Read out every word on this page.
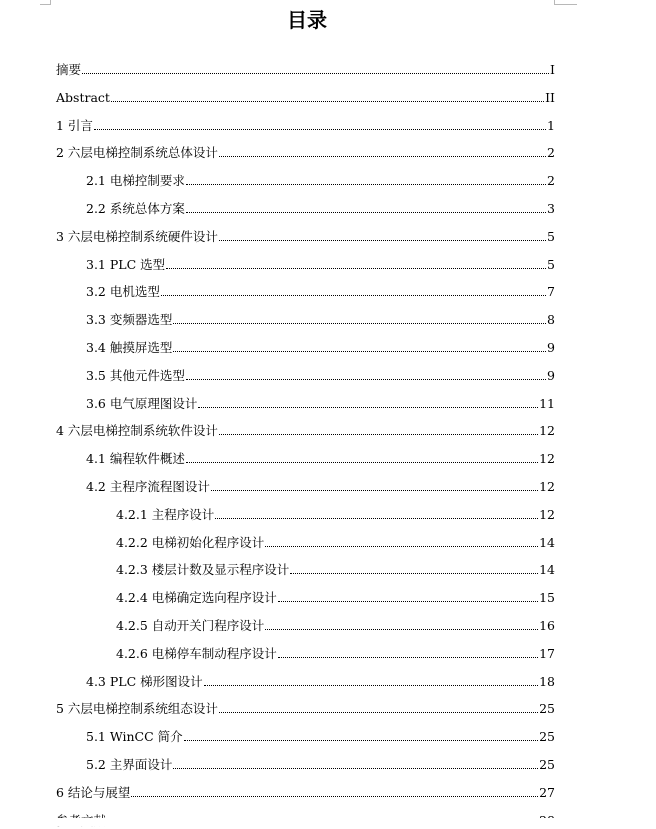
目录
摘要	I
Abstract	II
1 引言	1
2 六层电梯控制系统总体设计	2
2.1 电梯控制要求	2
2.2 系统总体方案	3
3 六层电梯控制系统硬件设计	5
3.1 PLC 选型	5
3.2 电机选型	7
3.3 变频器选型	8
3.4 触摸屏选型	9
3.5 其他元件选型	9
3.6 电气原理图设计	11
4 六层电梯控制系统软件设计	12
4.1 编程软件概述	12
4.2 主程序流程图设计	12
4.2.1 主程序设计	12
4.2.2 电梯初始化程序设计	14
4.2.3 楼层计数及显示程序设计	14
4.2.4 电梯确定选向程序设计	15
4.2.5 自动开关门程序设计	16
4.2.6 电梯停车制动程序设计	17
4.3 PLC 梯形图设计	18
5 六层电梯控制系统组态设计	25
5.1 WinCC 简介	25
5.2 主界面设计	25
6 结论与展望	27
